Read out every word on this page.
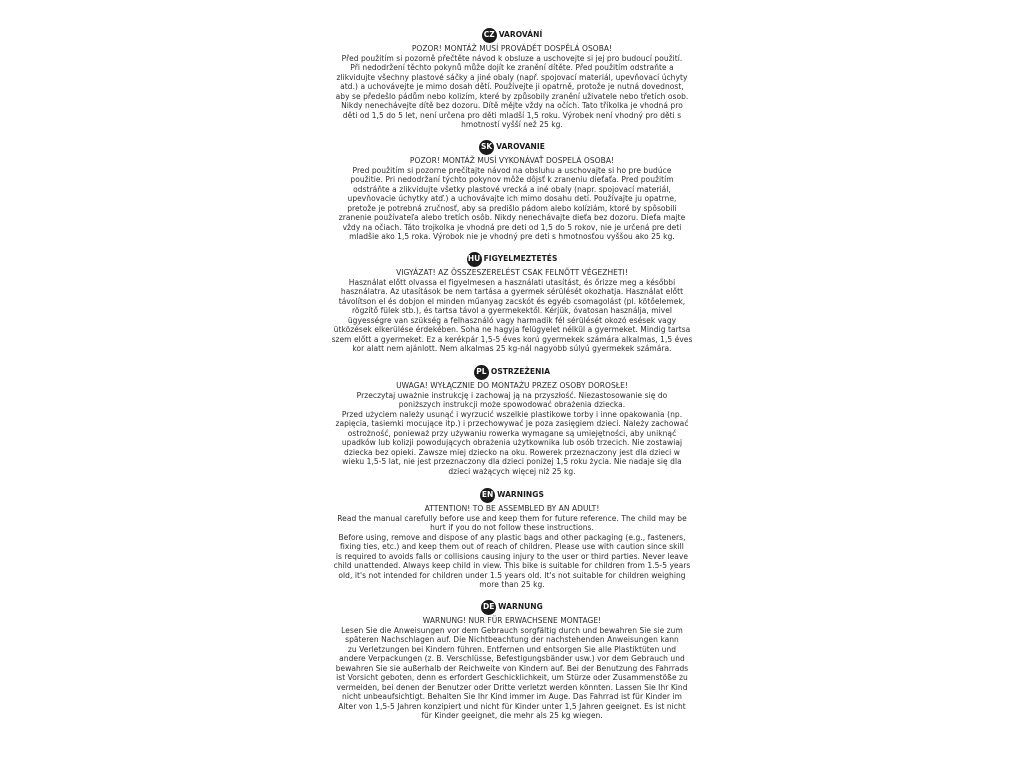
CZ VAROVÁNÍ
POZOR! MONTÁŽ MUSÍ PROVÁDĚT DOSPĚLÁ OSOBA!
Před použitím si pozorně přečtěte návod k obsluze a uschovejte si jej pro budoucí použití.
Při nedodržení těchto pokynů může dojít ke zranění dítěte. Před použitím odstraňte a
zlikvidujte všechny plastové sáčky a jiné obaly (např. spojovací materiál, upevňovací úchyty
atd.) a uchovávejte je mimo dosah dětí. Používejte ji opatrně, protože je nutná dovednost,
aby se předešlo pádům nebo kolizím, které by způsobily zranění uživatele nebo třetích osob.
Nikdy nenechávejte dítě bez dozoru. Dítě mějte vždy na očích. Tato tříkolka je vhodná pro
děti od 1,5 do 5 let, není určena pro děti mladší 1,5 roku. Výrobek není vhodný pro děti s
hmotností vyšší než 25 kg.
SK VAROVANIE
POZOR! MONTÁŽ MUSÍ VYKONÁVAŤ DOSPELÁ OSOBA!
Pred použitím si pozorne prečítajte návod na obsluhu a uschovajte si ho pre budúce
použitie. Pri nedodržaní týchto pokynov môže dôjsť k zraneniu dieťaťa. Pred použitím
odstráňte a zlikvidujte všetky plastové vrecká a iné obaly (napr. spojovací materiál,
upevňovacie úchytky atď.) a uchovávajte ich mimo dosahu detí. Používajte ju opatrne,
pretože je potrebná zručnosť, aby sa predišlo pádom alebo kolíziám, ktoré by spôsobili
zranenie používateľa alebo tretích osôb. Nikdy nenechávajte dieťa bez dozoru. Dieťa majte
vždy na očiach. Táto trojkolka je vhodná pre deti od 1,5 do 5 rokov, nie je určená pre deti
mladšie ako 1,5 roka. Výrobok nie je vhodný pre deti s hmotnosťou vyššou ako 25 kg.
HU FIGYELMEZTETÉS
VIGYÁZAT! AZ ÖSSZESZERELÉST CSAK FELNŐTT VÉGEZHETI!
Használat előtt olvassa el figyelmesen a használati utasítást, és őrizze meg a későbbi
használatra. Az utasítások be nem tartása a gyermek sérülését okozhatja. Használat előtt
távolítson el és dobjon el minden műanyag zacskót és egyéb csomagolást (pl. kötőelemek,
rögzítő fülek stb.), és tartsa távol a gyermekektől. Kérjük, óvatosan használja, mivel
ügyességre van szükség a felhasználó vagy harmadik fél sérülését okozó esések vagy
ütközések elkerülése érdekében. Soha ne hagyja felügyelet nélkül a gyermeket. Mindig tartsa
szem előtt a gyermeket. Ez a kerékpár 1,5-5 éves korú gyermekek számára alkalmas, 1,5 éves
kor alatt nem ajánlott. Nem alkalmas 25 kg-nál nagyobb súlyú gyermekek számára.
PL OSTRZEŻENIA
UWAGA! WYŁĄCZNIE DO MONTAŻU PRZEZ OSOBY DOROSŁE!
Przeczytaj uważnie instrukcję i zachowaj ją na przyszłość. Niezastosowanie się do
poniższych instrukcji może spowodować obrażenia dziecka.
Przed użyciem należy usunąć i wyrzucić wszelkie plastikowe torby i inne opakowania (np.
zapięcia, tasiemki mocujące itp.) i przechowywać je poza zasięgiem dzieci. Należy zachować
ostrożność, ponieważ przy używaniu rowerka wymagane są umiejętności, aby uniknąć
upadków lub kolizji powodujących obrażenia użytkownika lub osób trzecich. Nie zostawiaj
dziecka bez opieki. Zawsze miej dziecko na oku. Rowerek przeznaczony jest dla dzieci w
wieku 1,5-5 lat, nie jest przeznaczony dla dzieci poniżej 1,5 roku życia. Nie nadaje się dla
dzieci ważących więcej niż 25 kg.
EN WARNINGS
ATTENTION! TO BE ASSEMBLED BY AN ADULT!
Read the manual carefully before use and keep them for future reference. The child may be
hurt if you do not follow these instructions.
Before using, remove and dispose of any plastic bags and other packaging (e.g., fasteners,
fixing ties, etc.) and keep them out of reach of children. Please use with caution since skill
is required to avoids falls or collisions causing injury to the user or third parties. Never leave
child unattended. Always keep child in view. This bike is suitable for children from 1.5-5 years
old, it's not intended for children under 1.5 years old. It's not suitable for children weighing
more than 25 kg.
DE WARNUNG
WARNUNG! NUR FÜR ERWACHSENE MONTAGE!
Lesen Sie die Anweisungen vor dem Gebrauch sorgfältig durch und bewahren Sie sie zum
späteren Nachschlagen auf. Die Nichtbeachtung der nachstehenden Anweisungen kann
zu Verletzungen bei Kindern führen. Entfernen und entsorgen Sie alle Plastiktüten und
andere Verpackungen (z. B. Verschlüsse, Befestigungsbänder usw.) vor dem Gebrauch und
bewahren Sie sie außerhalb der Reichweite von Kindern auf. Bei der Benutzung des Fahrrads
ist Vorsicht geboten, denn es erfordert Geschicklichkeit, um Stürze oder Zusammenstöße zu
vermeiden, bei denen der Benutzer oder Dritte verletzt werden könnten. Lassen Sie Ihr Kind
nicht unbeaufsichtigt. Behalten Sie Ihr Kind immer im Auge. Das Fahrrad ist für Kinder im
Alter von 1,5-5 Jahren konzipiert und nicht für Kinder unter 1,5 Jahren geeignet. Es ist nicht
für Kinder geeignet, die mehr als 25 kg wiegen.
